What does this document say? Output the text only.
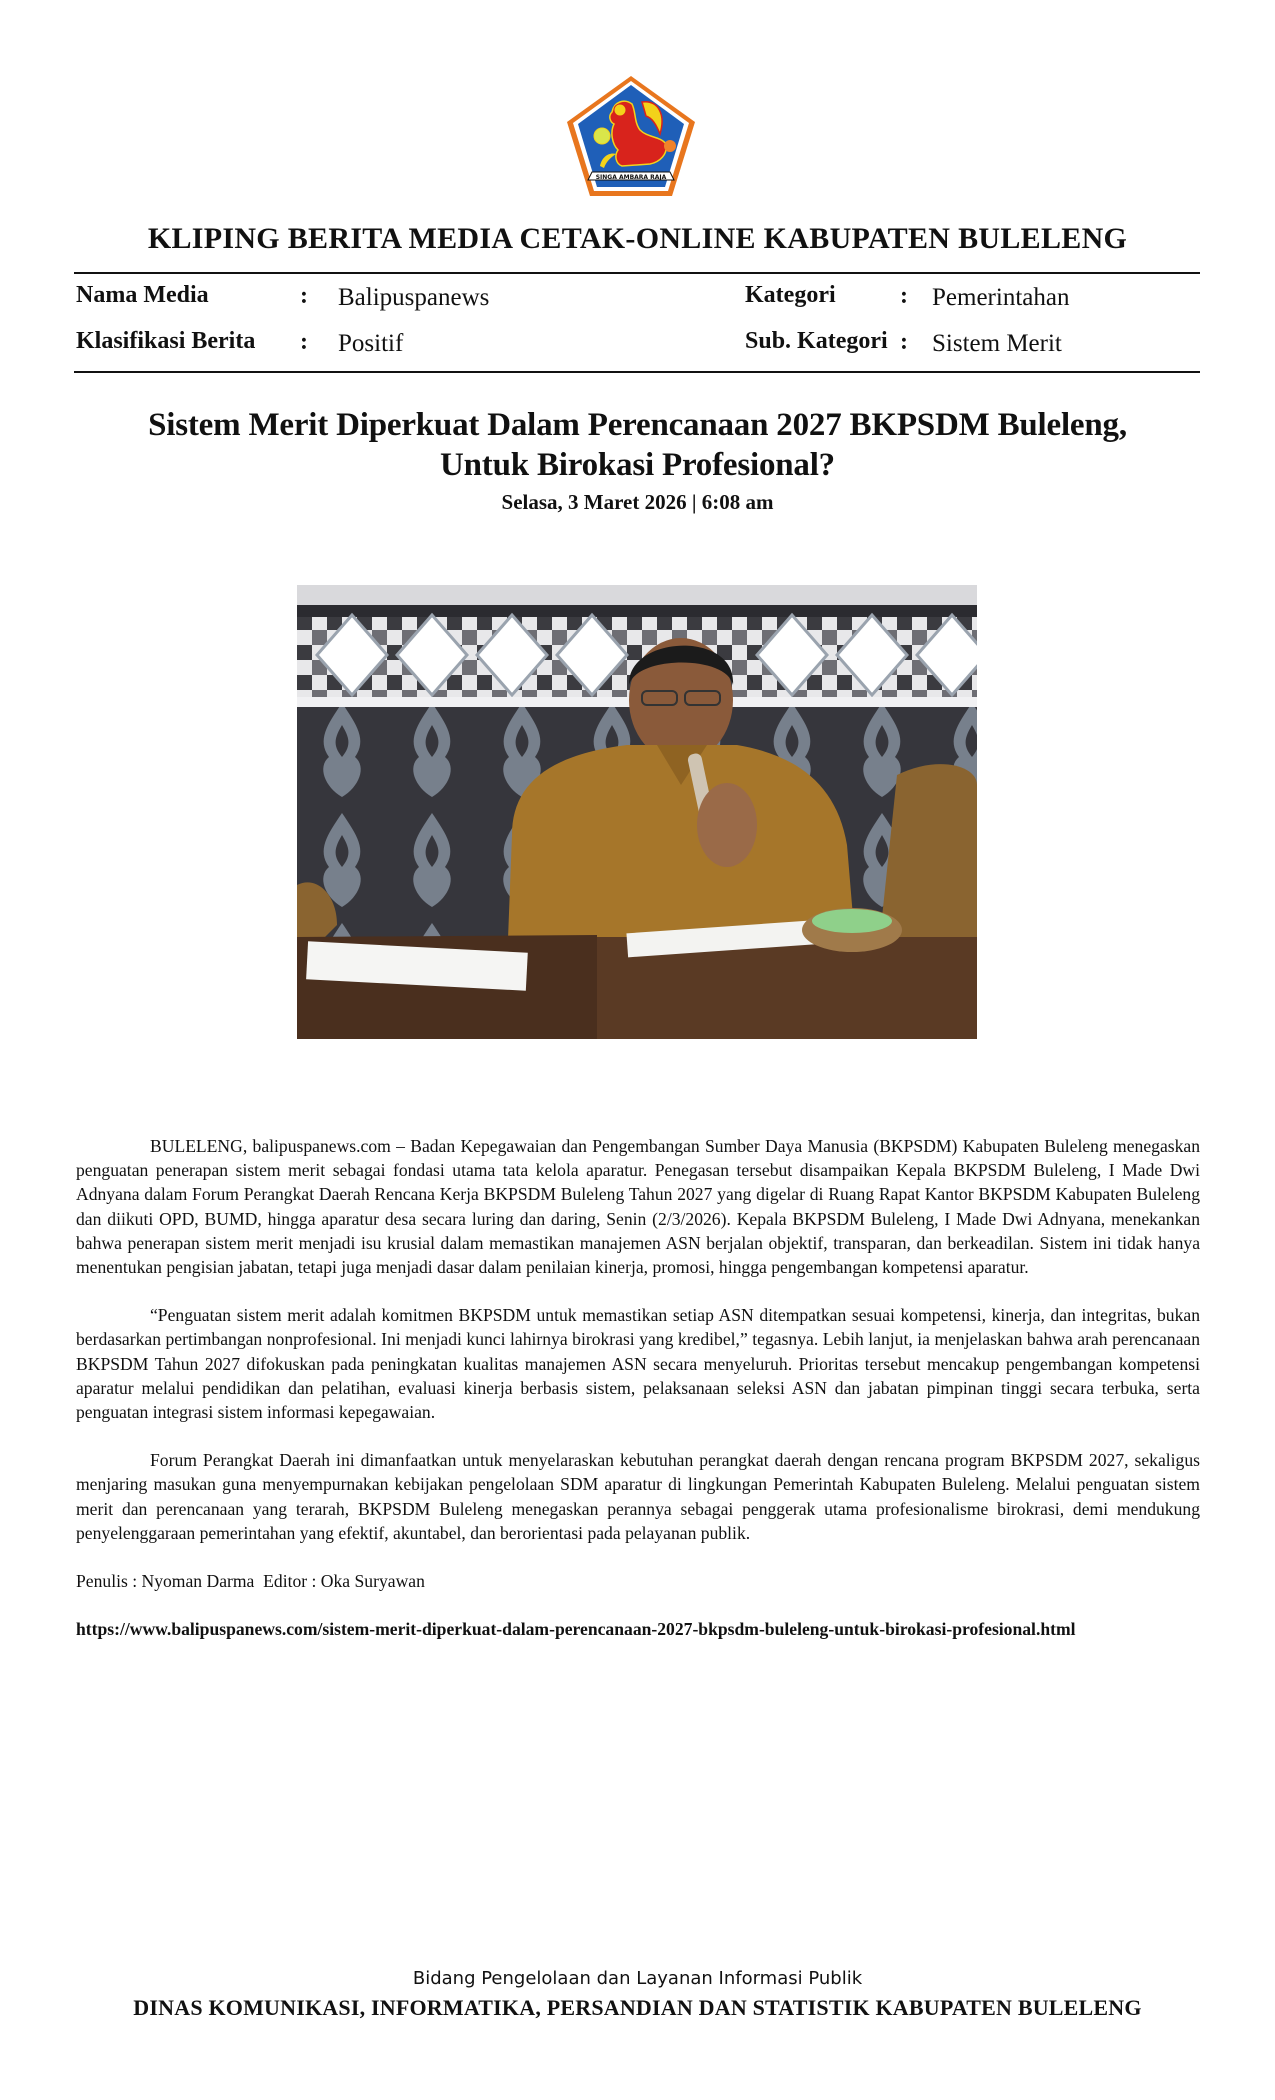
SINGA AMBARA RAJA
KLIPING BERITA MEDIA CETAK-ONLINE KABUPATEN BULELENG
Nama Media	: Balipuspanews
Klasifikasi Berita : Positif
Kategori	: Pemerintahan
Sub. Kategori : Sistem Merit
Sistem Merit Diperkuat Dalam Perencanaan 2027 BKPSDM Buleleng,
Untuk Birokasi Profesional?
Selasa, 3 Maret 2026 | 6:08 am

BULELENG, balipuspanews.com – Badan Kepegawaian dan Pengembangan Sumber Daya Manusia (BKPSDM) Kabupaten Buleleng menegaskan penguatan penerapan sistem merit sebagai fondasi utama tata kelola aparatur. Penegasan tersebut disampaikan Kepala BKPSDM Buleleng, I Made Dwi Adnyana dalam Forum Perangkat Daerah Rencana Kerja BKPSDM Buleleng Tahun 2027 yang digelar di Ruang Rapat Kantor BKPSDM Kabupaten Buleleng dan diikuti OPD, BUMD, hingga aparatur desa secara luring dan daring, Senin (2/3/2026). Kepala BKPSDM Buleleng, I Made Dwi Adnyana, menekankan bahwa penerapan sistem merit menjadi isu krusial dalam memastikan manajemen ASN berjalan objektif, transparan, dan berkeadilan. Sistem ini tidak hanya menentukan pengisian jabatan, tetapi juga menjadi dasar dalam penilaian kinerja, promosi, hingga pengembangan kompetensi aparatur.

“Penguatan sistem merit adalah komitmen BKPSDM untuk memastikan setiap ASN ditempatkan sesuai kompetensi, kinerja, dan integritas, bukan berdasarkan pertimbangan nonprofesional. Ini menjadi kunci lahirnya birokrasi yang kredibel,” tegasnya. Lebih lanjut, ia menjelaskan bahwa arah perencanaan BKPSDM Tahun 2027 difokuskan pada peningkatan kualitas manajemen ASN secara menyeluruh. Prioritas tersebut mencakup pengembangan kompetensi aparatur melalui pendidikan dan pelatihan, evaluasi kinerja berbasis sistem, pelaksanaan seleksi ASN dan jabatan pimpinan tinggi secara terbuka, serta penguatan integrasi sistem informasi kepegawaian.

Forum Perangkat Daerah ini dimanfaatkan untuk menyelaraskan kebutuhan perangkat daerah dengan rencana program BKPSDM 2027, sekaligus menjaring masukan guna menyempurnakan kebijakan pengelolaan SDM aparatur di lingkungan Pemerintah Kabupaten Buleleng. Melalui penguatan sistem merit dan perencanaan yang terarah, BKPSDM Buleleng menegaskan perannya sebagai penggerak utama profesionalisme birokrasi, demi mendukung penyelenggaraan pemerintahan yang efektif, akuntabel, dan berorientasi pada pelayanan publik.

Penulis : Nyoman Darma  Editor : Oka Suryawan

https://www.balipuspanews.com/sistem-merit-diperkuat-dalam-perencanaan-2027-bkpsdm-buleleng-untuk-birokasi-profesional.html

Bidang Pengelolaan dan Layanan Informasi Publik
DINAS KOMUNIKASI, INFORMATIKA, PERSANDIAN DAN STATISTIK KABUPATEN BULELENG
